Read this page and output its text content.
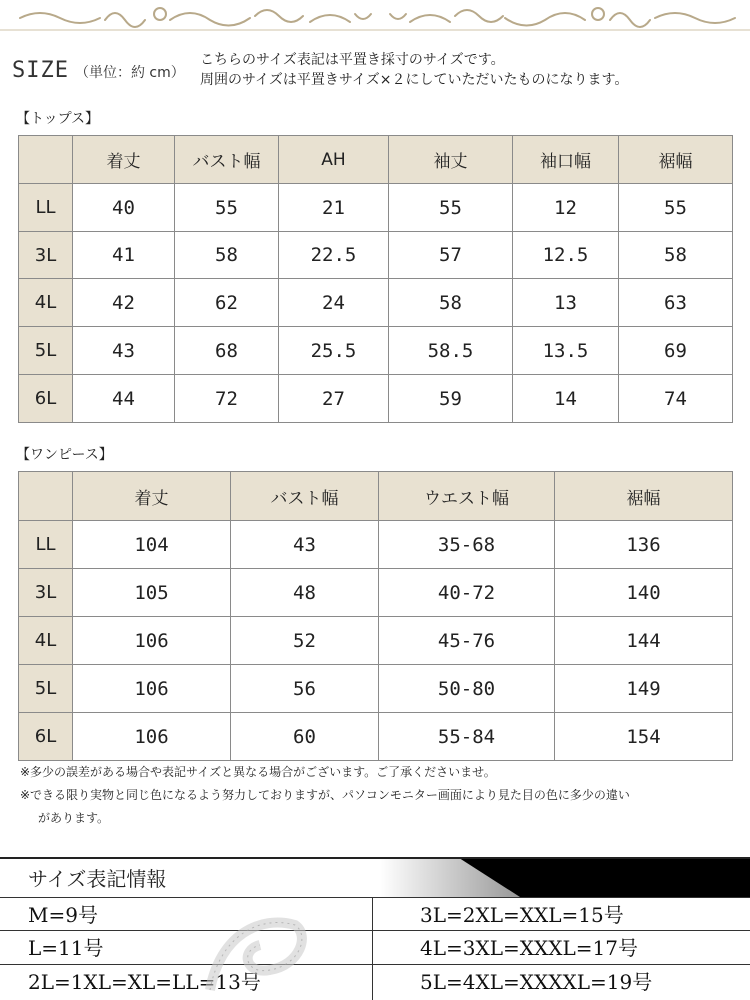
SIZE （単位：約 cm）
こちらのサイズ表記は平置き採寸のサイズです。
周囲のサイズは平置きサイズ×２にしていただいたものになります。
【トップス】
	着丈	バスト幅	AH	袖丈	袖口幅	裾幅
LL	40	55	21	55	12	55
3L	41	58	22.5	57	12.5	58
4L	42	62	24	58	13	63
5L	43	68	25.5	58.5	13.5	69
6L	44	72	27	59	14	74
【ワンピース】
	着丈	バスト幅	ウエスト幅	裾幅
LL	104	43	35-68	136
3L	105	48	40-72	140
4L	106	52	45-76	144
5L	106	56	50-80	149
6L	106	60	55-84	154
※多少の誤差がある場合や表記サイズと異なる場合がございます。ご了承くださいませ。
※できる限り実物と同じ色になるよう努力しておりますが、パソコンモニター画面により見た目の色に多少の違い
があります。
サイズ表記情報
M=9号	3L=2XL=XXL=15号
L=11号	4L=3XL=XXXL=17号
2L=1XL=XL=LL=13号	5L=4XL=XXXXL=19号
